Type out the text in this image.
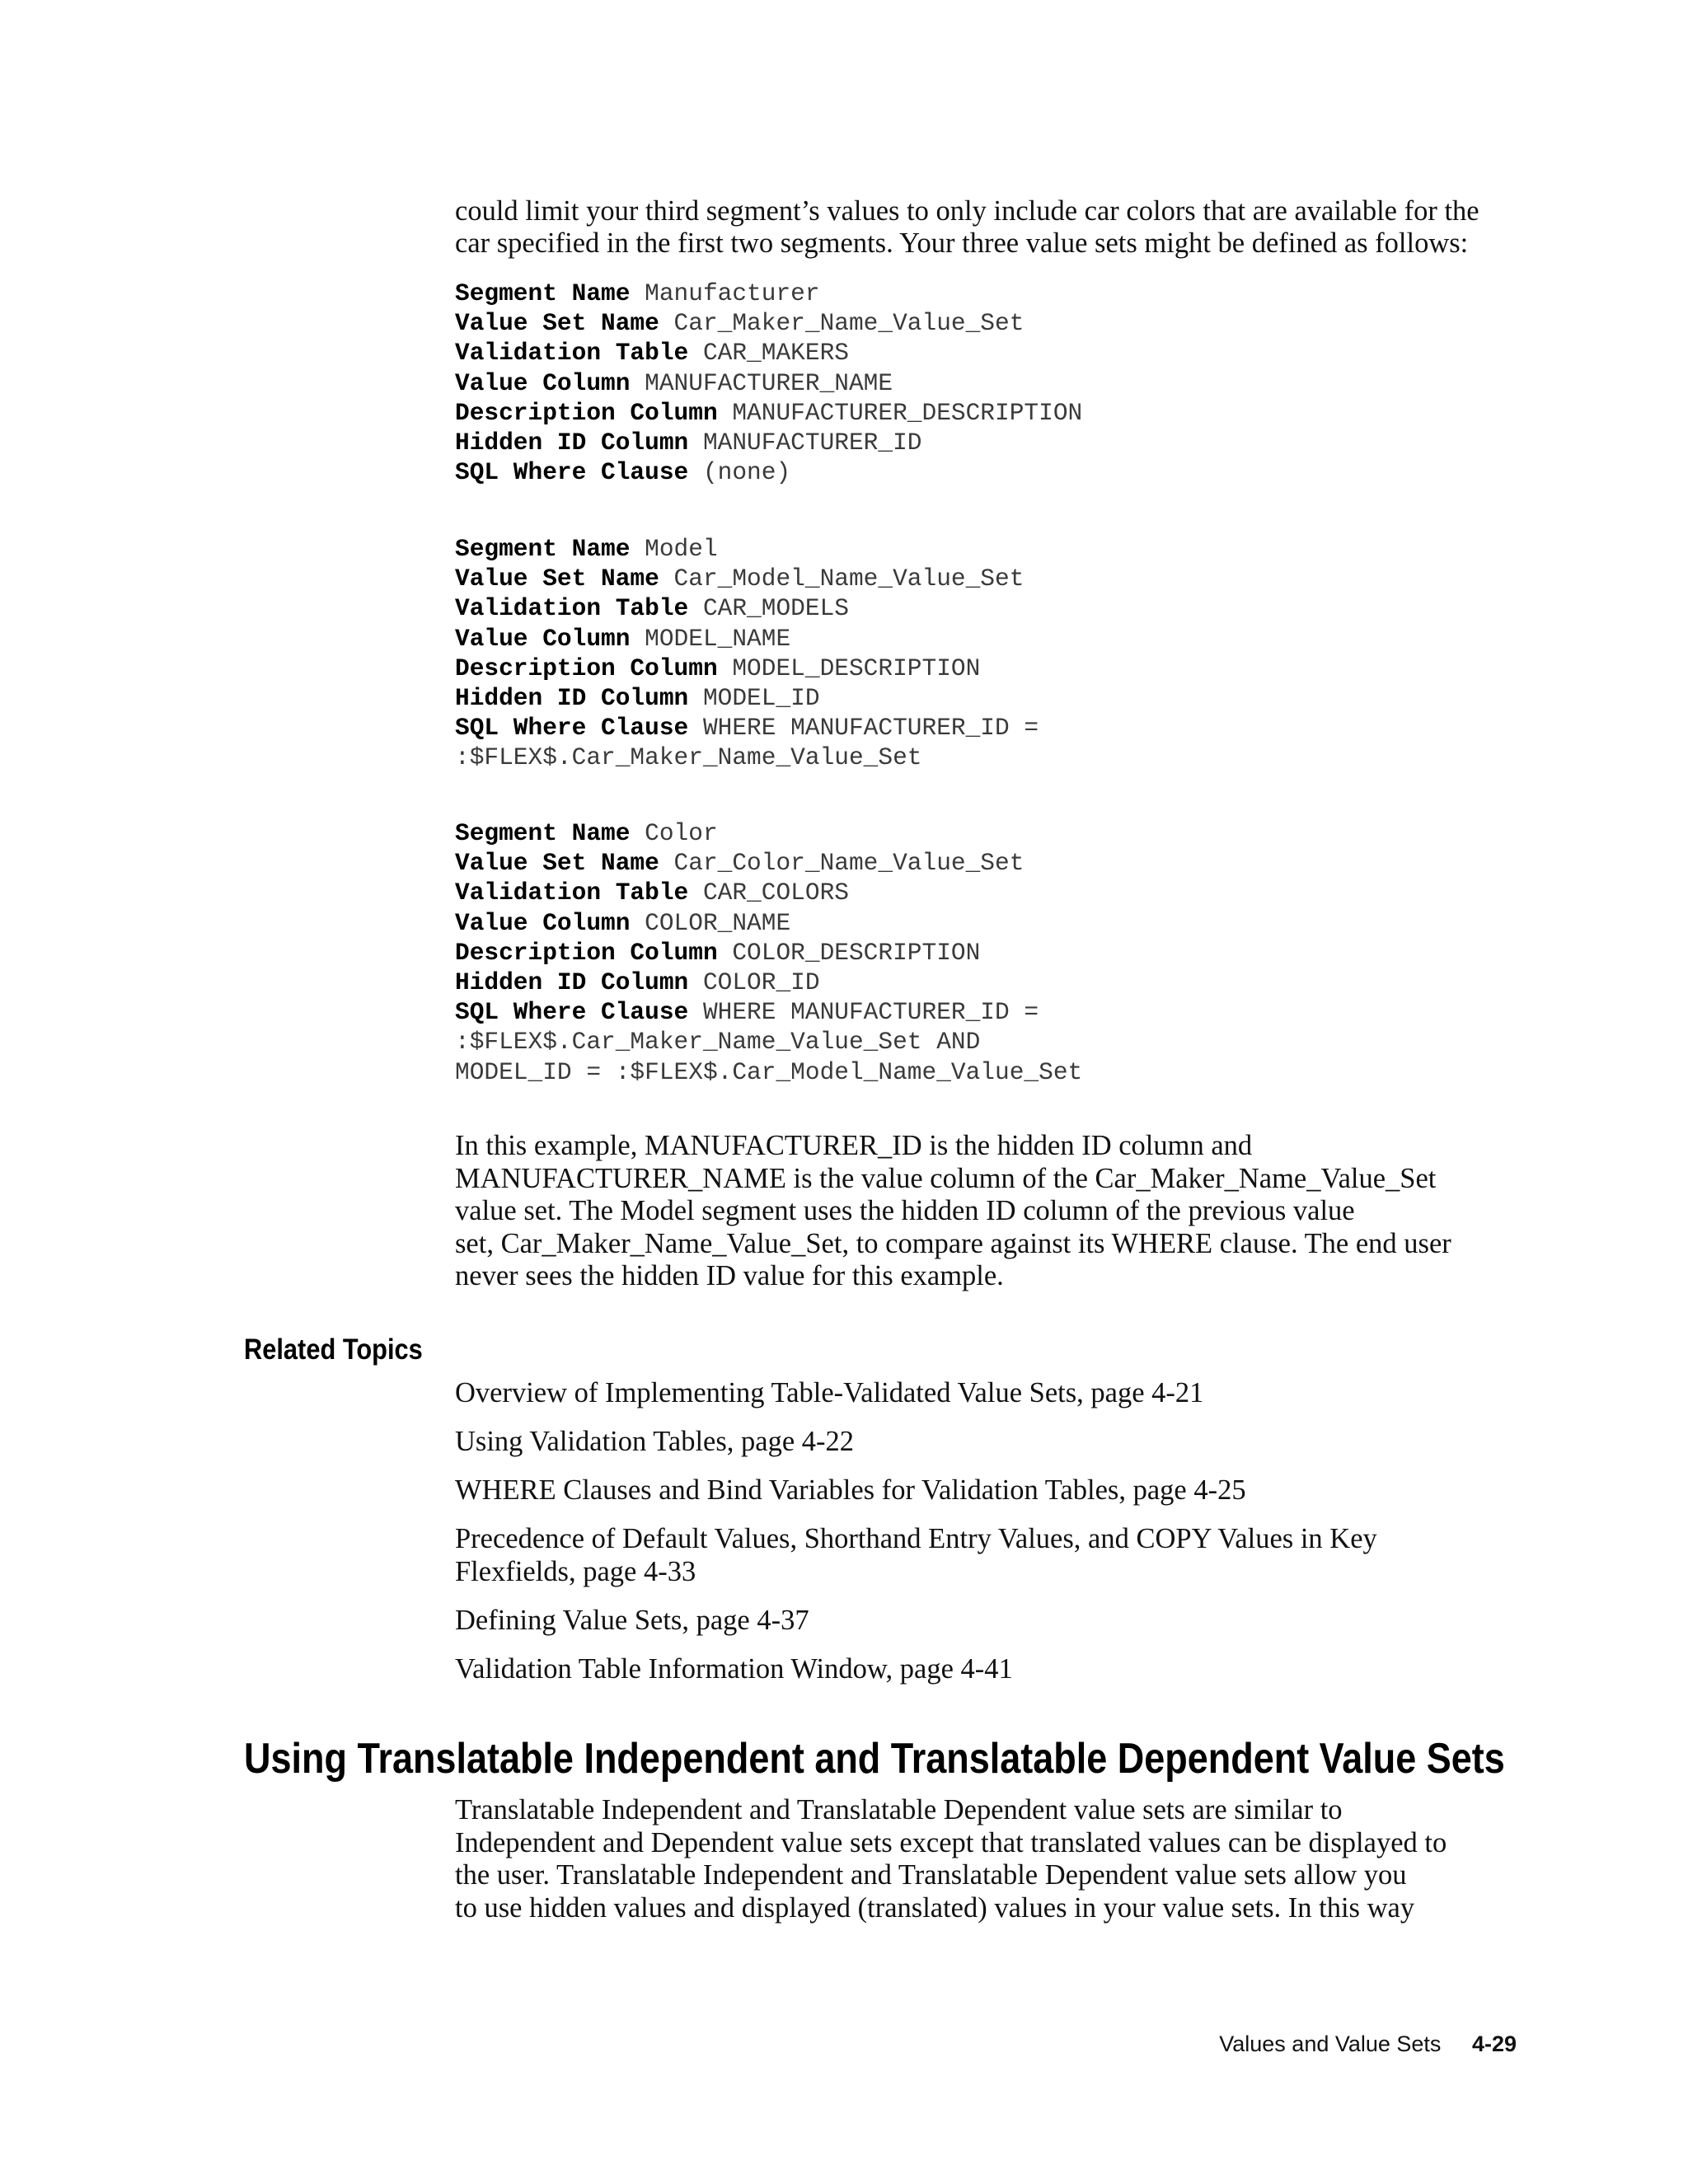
could limit your third segment’s values to only include car colors that are available for the
car specified in the first two segments. Your three value sets might be defined as follows:

Segment Name Manufacturer
Value Set Name Car_Maker_Name_Value_Set
Validation Table CAR_MAKERS
Value Column MANUFACTURER_NAME
Description Column MANUFACTURER_DESCRIPTION
Hidden ID Column MANUFACTURER_ID
SQL Where Clause (none)
Segment Name Model
Value Set Name Car_Model_Name_Value_Set
Validation Table CAR_MODELS
Value Column MODEL_NAME
Description Column MODEL_DESCRIPTION
Hidden ID Column MODEL_ID
SQL Where Clause WHERE MANUFACTURER_ID =
:$FLEX$.Car_Maker_Name_Value_Set
Segment Name Color
Value Set Name Car_Color_Name_Value_Set
Validation Table CAR_COLORS
Value Column COLOR_NAME
Description Column COLOR_DESCRIPTION
Hidden ID Column COLOR_ID
SQL Where Clause WHERE MANUFACTURER_ID =
:$FLEX$.Car_Maker_Name_Value_Set AND
MODEL_ID = :$FLEX$.Car_Model_Name_Value_Set

In this example, MANUFACTURER_ID is the hidden ID column and
MANUFACTURER_NAME is the value column of the Car_Maker_Name_Value_Set
value set. The Model segment uses the hidden ID column of the previous value
set, Car_Maker_Name_Value_Set, to compare against its WHERE clause. The end user
never sees the hidden ID value for this example.

Related Topics
Overview of Implementing Table-Validated Value Sets, page 4-21
Using Validation Tables, page 4-22
WHERE Clauses and Bind Variables for Validation Tables, page 4-25
Precedence of Default Values, Shorthand Entry Values, and COPY Values in Key
Flexfields, page 4-33
Defining Value Sets, page 4-37
Validation Table Information Window, page 4-41
Using Translatable Independent and Translatable Dependent Value Sets

Translatable Independent and Translatable Dependent value sets are similar to
Independent and Dependent value sets except that translated values can be displayed to
the user. Translatable Independent and Translatable Dependent value sets allow you
to use hidden values and displayed (translated) values in your value sets. In this way

Values and Value Sets 4-29
